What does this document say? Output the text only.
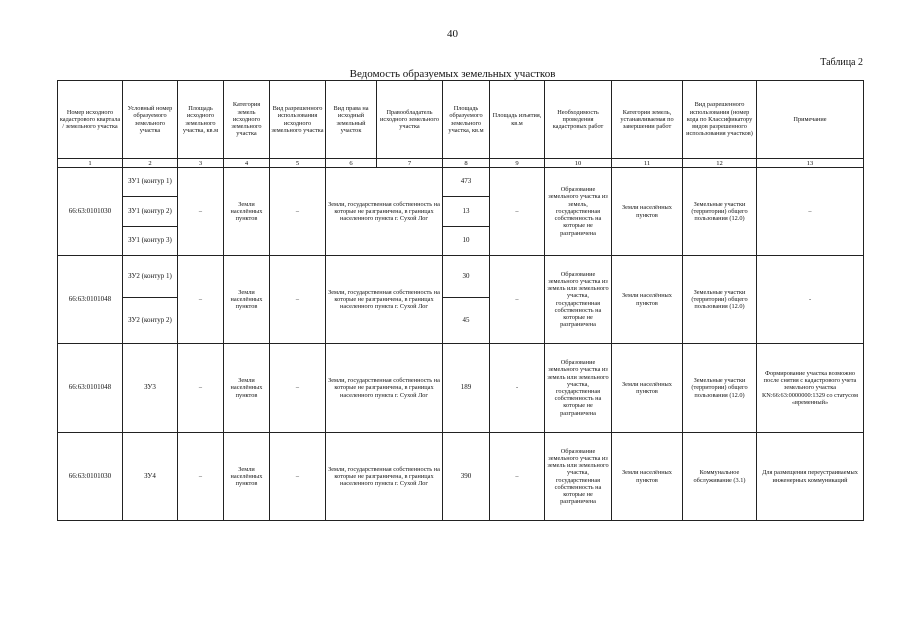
40
Таблица 2
Ведомость образуемых земельных участков
Номер исходного кадастрового квартала / земельного участка	Условный номер образуемого земельного участка	Площадь исходного земельного участка, кв.м	Категория земель исходного земельного участка	Вид разрешенного использования исходного земельного участка	Вид права на исходный земельный участок	Правообладатель исходного земельного участка	Площадь образуемого земельного участка, кв.м	Площадь изъятия, кв.м	Необходимость проведения кадастровых работ	Категория земель, устанавливаемая по завершении работ	Вид разрешенного использования (номер кода по Классификатору видов разрешенного использования участков)	Примечание
1	2	3	4	5	6	7	8	9	10	11	12	13
66:63:0101030	ЗУ1 (контур 1)	–	Земли населённых пунктов	–	Земли, государственная собственность на которые не разграничена, в границах населенного пункта г. Сухой Лог		473	–	Образование земельного участка из земель, государственная собственность на которые не разграничена	Земли населённых пунктов	Земельные участки (территории) общего пользования (12.0)	–
	ЗУ1 (контур 2)						13					
	ЗУ1 (контур 3)						10					
66:63:0101048	ЗУ2 (контур 1)	–	Земли населённых пунктов	–	Земли, государственная собственность на которые не разграничена, в границах населенного пункта г. Сухой Лог		30	–	Образование земельного участка из земель или земельного участка, государственная собственность на которые не разграничена	Земли населённых пунктов	Земельные участки (территории) общего пользования (12.0)	-
	ЗУ2 (контур 2)						45					
66:63:0101048	ЗУ3	–	Земли населённых пунктов	–	Земли, государственная собственность на которые не разграничена, в границах населенного пункта г. Сухой Лог		189	-	Образование земельного участка из земель или земельного участка, государственная собственность на которые не разграничена	Земли населённых пунктов	Земельные участки (территории) общего пользования (12.0)	Формирование участка возможно после снятия с кадастрового учета земельного участка КN:66:63:0000000:1329 со статусом «временный»
66:63:0101030	ЗУ4	–	Земли населённых пунктов	–	Земли, государственная собственность на которые не разграничена, в границах населенного пункта г. Сухой Лог		390	–	Образование земельного участка из земель или земельного участка, государственная собственность на которые не разграничена	Земли населённых пунктов	Коммунальное обслуживание (3.1)	Для размещения переустраиваемых инженерных коммуникаций
